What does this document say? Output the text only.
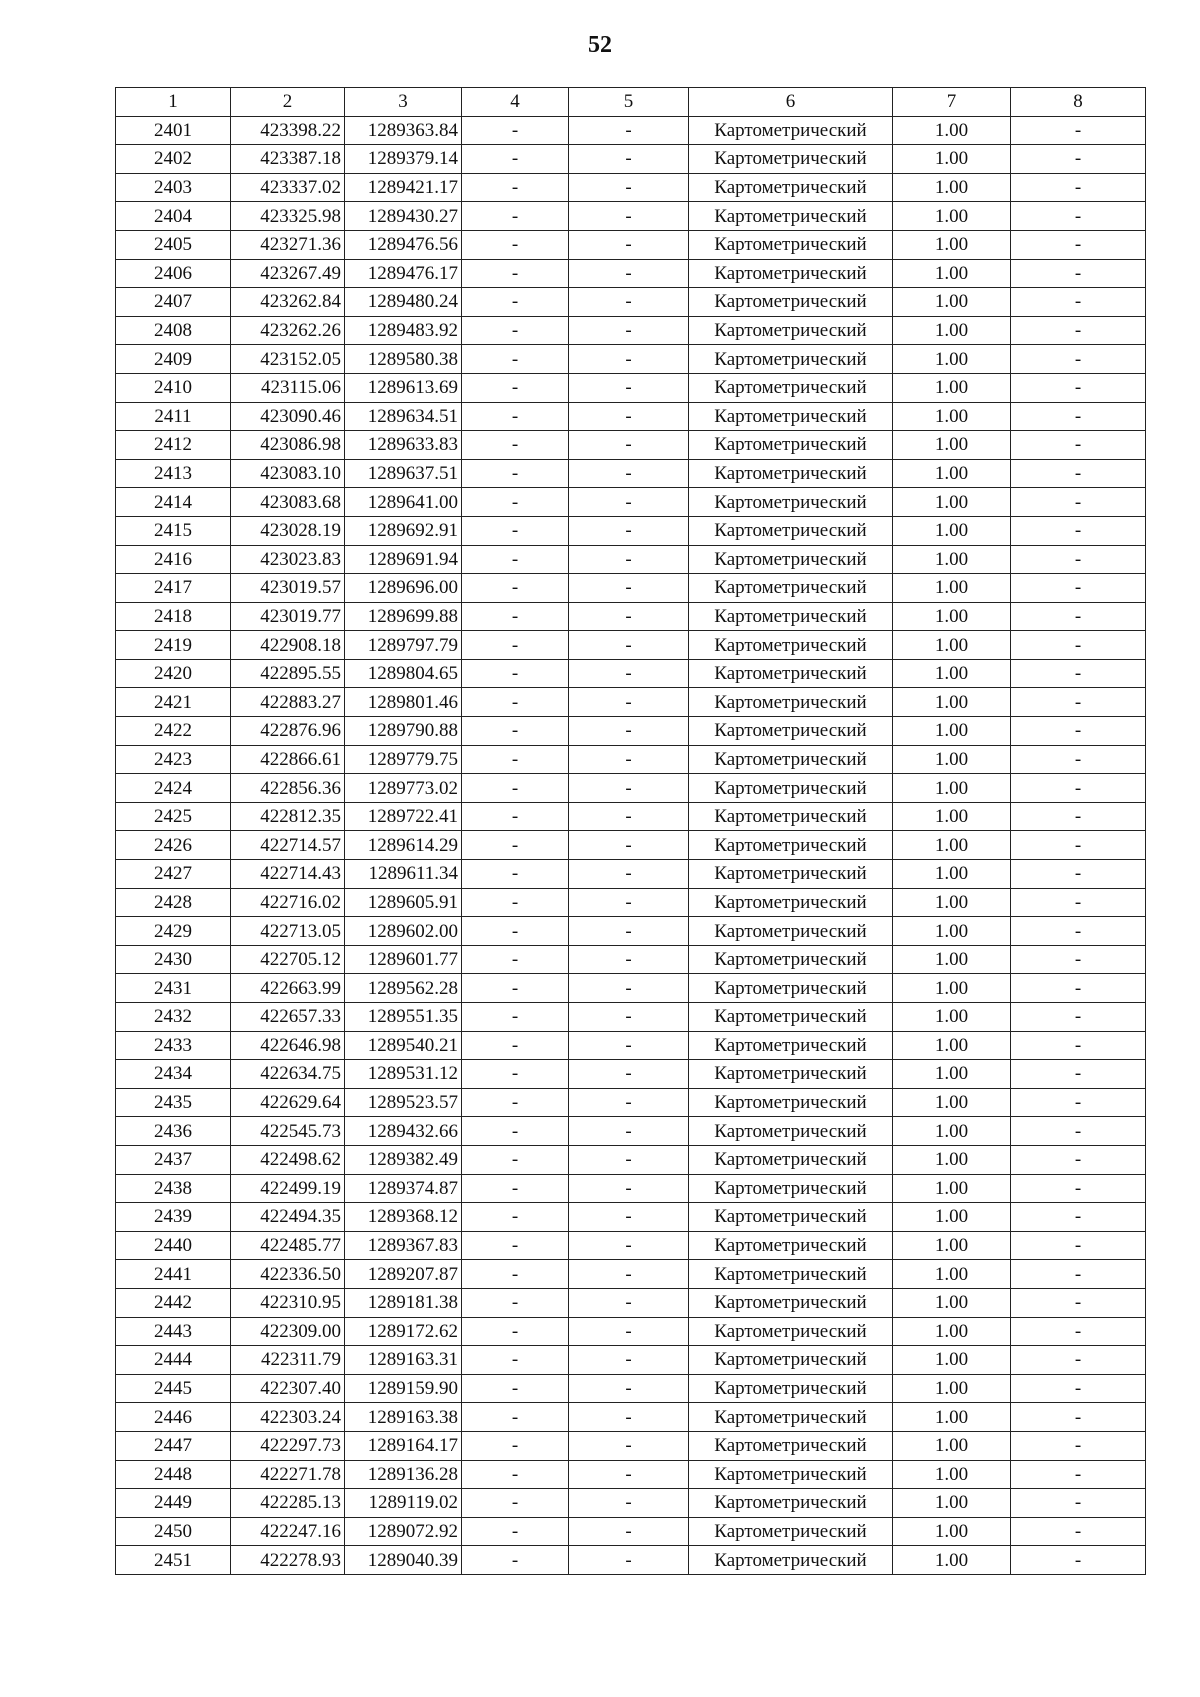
52
1	2	3	4	5	6	7	8
2401	423398.22	1289363.84	-	-	Картометрический	1.00	-
2402	423387.18	1289379.14	-	-	Картометрический	1.00	-
2403	423337.02	1289421.17	-	-	Картометрический	1.00	-
2404	423325.98	1289430.27	-	-	Картометрический	1.00	-
2405	423271.36	1289476.56	-	-	Картометрический	1.00	-
2406	423267.49	1289476.17	-	-	Картометрический	1.00	-
2407	423262.84	1289480.24	-	-	Картометрический	1.00	-
2408	423262.26	1289483.92	-	-	Картометрический	1.00	-
2409	423152.05	1289580.38	-	-	Картометрический	1.00	-
2410	423115.06	1289613.69	-	-	Картометрический	1.00	-
2411	423090.46	1289634.51	-	-	Картометрический	1.00	-
2412	423086.98	1289633.83	-	-	Картометрический	1.00	-
2413	423083.10	1289637.51	-	-	Картометрический	1.00	-
2414	423083.68	1289641.00	-	-	Картометрический	1.00	-
2415	423028.19	1289692.91	-	-	Картометрический	1.00	-
2416	423023.83	1289691.94	-	-	Картометрический	1.00	-
2417	423019.57	1289696.00	-	-	Картометрический	1.00	-
2418	423019.77	1289699.88	-	-	Картометрический	1.00	-
2419	422908.18	1289797.79	-	-	Картометрический	1.00	-
2420	422895.55	1289804.65	-	-	Картометрический	1.00	-
2421	422883.27	1289801.46	-	-	Картометрический	1.00	-
2422	422876.96	1289790.88	-	-	Картометрический	1.00	-
2423	422866.61	1289779.75	-	-	Картометрический	1.00	-
2424	422856.36	1289773.02	-	-	Картометрический	1.00	-
2425	422812.35	1289722.41	-	-	Картометрический	1.00	-
2426	422714.57	1289614.29	-	-	Картометрический	1.00	-
2427	422714.43	1289611.34	-	-	Картометрический	1.00	-
2428	422716.02	1289605.91	-	-	Картометрический	1.00	-
2429	422713.05	1289602.00	-	-	Картометрический	1.00	-
2430	422705.12	1289601.77	-	-	Картометрический	1.00	-
2431	422663.99	1289562.28	-	-	Картометрический	1.00	-
2432	422657.33	1289551.35	-	-	Картометрический	1.00	-
2433	422646.98	1289540.21	-	-	Картометрический	1.00	-
2434	422634.75	1289531.12	-	-	Картометрический	1.00	-
2435	422629.64	1289523.57	-	-	Картометрический	1.00	-
2436	422545.73	1289432.66	-	-	Картометрический	1.00	-
2437	422498.62	1289382.49	-	-	Картометрический	1.00	-
2438	422499.19	1289374.87	-	-	Картометрический	1.00	-
2439	422494.35	1289368.12	-	-	Картометрический	1.00	-
2440	422485.77	1289367.83	-	-	Картометрический	1.00	-
2441	422336.50	1289207.87	-	-	Картометрический	1.00	-
2442	422310.95	1289181.38	-	-	Картометрический	1.00	-
2443	422309.00	1289172.62	-	-	Картометрический	1.00	-
2444	422311.79	1289163.31	-	-	Картометрический	1.00	-
2445	422307.40	1289159.90	-	-	Картометрический	1.00	-
2446	422303.24	1289163.38	-	-	Картометрический	1.00	-
2447	422297.73	1289164.17	-	-	Картометрический	1.00	-
2448	422271.78	1289136.28	-	-	Картометрический	1.00	-
2449	422285.13	1289119.02	-	-	Картометрический	1.00	-
2450	422247.16	1289072.92	-	-	Картометрический	1.00	-
2451	422278.93	1289040.39	-	-	Картометрический	1.00	-
